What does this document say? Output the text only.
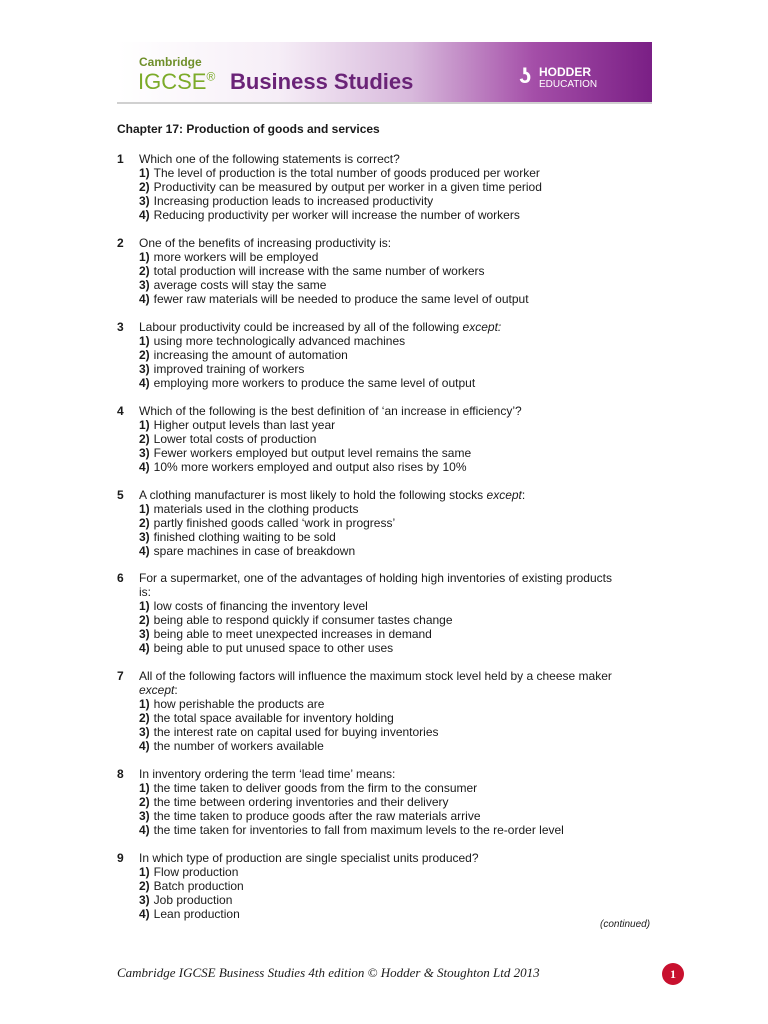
Cambridge
IGCSE® Business Studies	ʖ HODDER
EDUCATION
Chapter 17: Production of goods and services
1	Which one of the following statements is correct?
1) The level of production is the total number of goods produced per worker
2) Productivity can be measured by output per worker in a given time period
3) Increasing production leads to increased productivity
4) Reducing productivity per worker will increase the number of workers
2	One of the benefits of increasing productivity is:
1) more workers will be employed
2) total production will increase with the same number of workers
3) average costs will stay the same
4) fewer raw materials will be needed to produce the same level of output
3	Labour productivity could be increased by all of the following except:
1) using more technologically advanced machines
2) increasing the amount of automation
3) improved training of workers
4) employing more workers to produce the same level of output
4	Which of the following is the best definition of ‘an increase in efficiency’?
1) Higher output levels than last year
2) Lower total costs of production
3) Fewer workers employed but output level remains the same
4) 10% more workers employed and output also rises by 10%
5	A clothing manufacturer is most likely to hold the following stocks except:
1) materials used in the clothing products
2) partly finished goods called ‘work in progress’
3) finished clothing waiting to be sold
4) spare machines in case of breakdown
6	For a supermarket, one of the advantages of holding high inventories of existing products
is:
1) low costs of financing the inventory level
2) being able to respond quickly if consumer tastes change
3) being able to meet unexpected increases in demand
4) being able to put unused space to other uses
7	All of the following factors will influence the maximum stock level held by a cheese maker
except:
1) how perishable the products are
2) the total space available for inventory holding
3) the interest rate on capital used for buying inventories
4) the number of workers available
8	In inventory ordering the term ‘lead time’ means:
1) the time taken to deliver goods from the firm to the consumer
2) the time between ordering inventories and their delivery
3) the time taken to produce goods after the raw materials arrive
4) the time taken for inventories to fall from maximum levels to the re-order level
9	In which type of production are single specialist units produced?
1) Flow production
2) Batch production
3) Job production
4) Lean production
(continued)
Cambridge IGCSE Business Studies 4th edition © Hodder & Stoughton Ltd 2013	1
